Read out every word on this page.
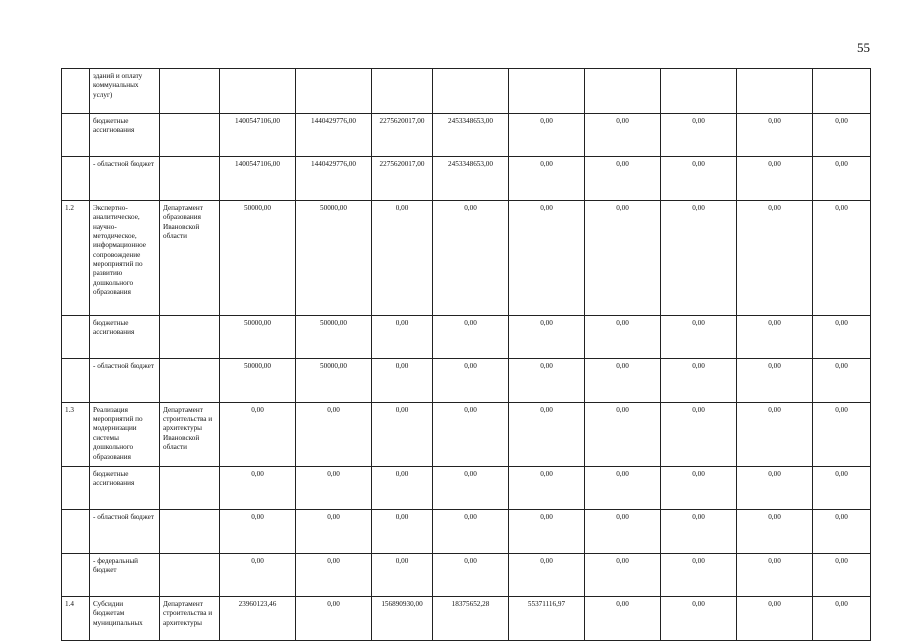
55
	зданий и оплату коммунальных услуг)											
	бюджетные ассигнования		1400547106,00	1440429776,00	2275620017,00	2453348653,00	0,00	0,00	0,00	0,00	0,00	
	- областной бюджет		1400547106,00	1440429776,00	2275620017,00	2453348653,00	0,00	0,00	0,00	0,00	0,00	
1.2	Экспертно-аналитическое, научно-методическое, информационное сопровождение мероприятий по развитию дошкольного образования	Департамент образования Ивановской области	50000,00	50000,00	0,00	0,00	0,00	0,00	0,00	0,00	0,00	
	бюджетные ассигнования		50000,00	50000,00	0,00	0,00	0,00	0,00	0,00	0,00	0,00	
	- областной бюджет		50000,00	50000,00	0,00	0,00	0,00	0,00	0,00	0,00	0,00	
1.3	Реализация мероприятий по модернизации системы дошкольного образования	Департамент строительства и архитектуры Ивановской области	0,00	0,00	0,00	0,00	0,00	0,00	0,00	0,00	0,00	
	бюджетные ассигнования		0,00	0,00	0,00	0,00	0,00	0,00	0,00	0,00	0,00	
	- областной бюджет		0,00	0,00	0,00	0,00	0,00	0,00	0,00	0,00	0,00	
	- федеральный бюджет		0,00	0,00	0,00	0,00	0,00	0,00	0,00	0,00	0,00	
1.4	Субсидии бюджетам муниципальных	Департамент строительства и архитектуры	23960123,46	0,00	156890930,00	18375652,28	55371116,97	0,00	0,00	0,00	0,00	
